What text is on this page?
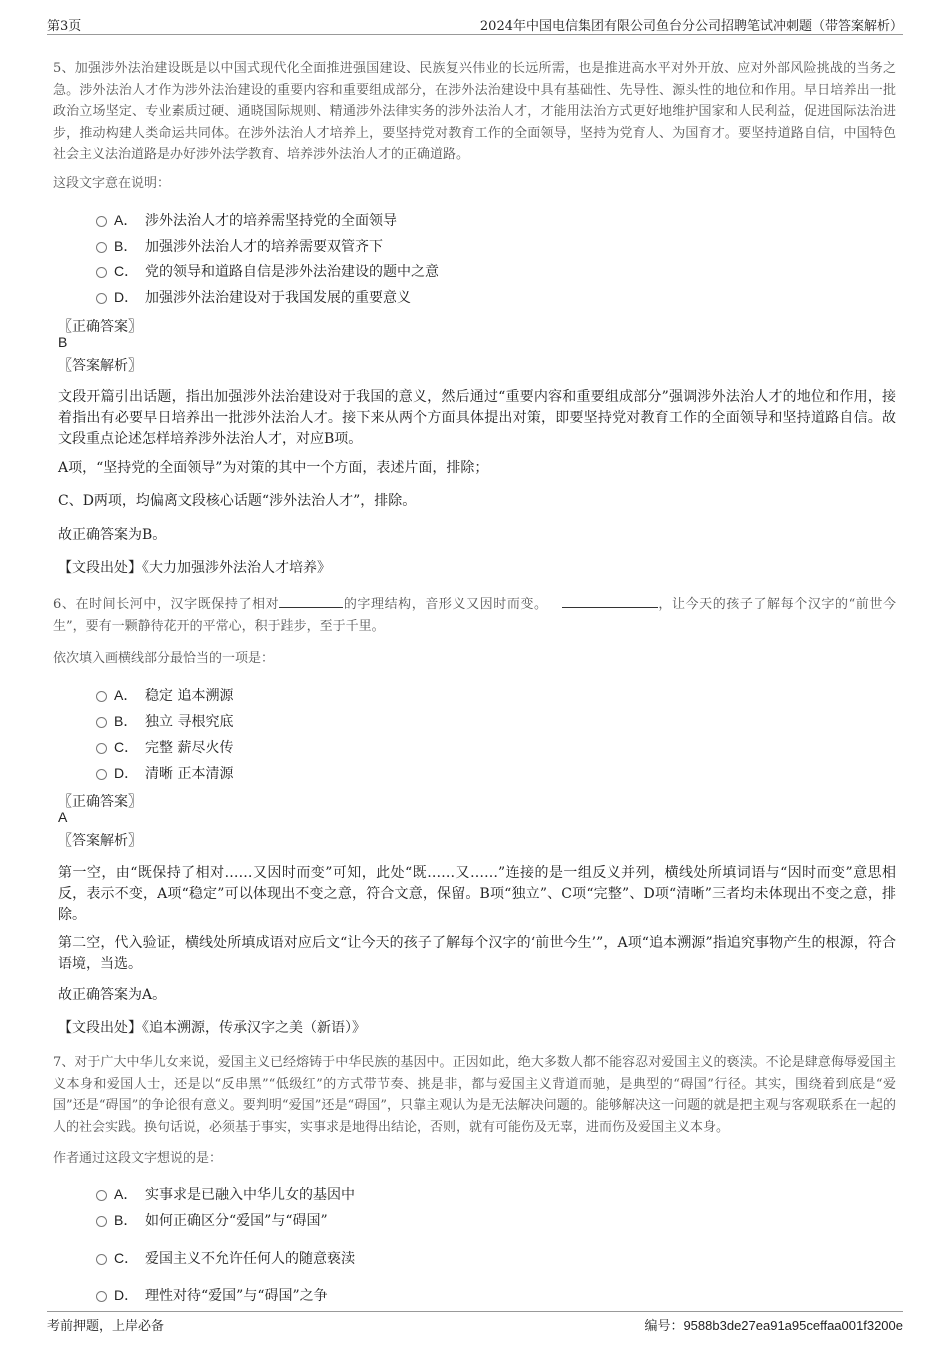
第3页	2024年中国电信集团有限公司鱼台分公司招聘笔试冲刺题（带答案解析）
5、加强涉外法治建设既是以中国式现代化全面推进强国建设、民族复兴伟业的长远所需，也是推进高水平对外开放、应对外部风险挑战的当务之急。涉外法治人才作为涉外法治建设的重要内容和重要组成部分，在涉外法治建设中具有基础性、先导性、源头性的地位和作用。早日培养出一批政治立场坚定、专业素质过硬、通晓国际规则、精通涉外法律实务的涉外法治人才，才能用法治方式更好地维护国家和人民利益，促进国际法治进步，推动构建人类命运共同体。在涉外法治人才培养上，要坚持党对教育工作的全面领导，坚持为党育人、为国育才。要坚持道路自信，中国特色社会主义法治道路是办好涉外法学教育、培养涉外法治人才的正确道路。
这段文字意在说明：
A． 涉外法治人才的培养需坚持党的全面领导
B． 加强涉外法治人才的培养需要双管齐下
C． 党的领导和道路自信是涉外法治建设的题中之意
D． 加强涉外法治建设对于我国发展的重要意义
〖正确答案〗
B
〖答案解析〗
文段开篇引出话题，指出加强涉外法治建设对于我国的意义，然后通过“重要内容和重要组成部分”强调涉外法治人才的地位和作用，接着指出有必要早日培养出一批涉外法治人才。接下来从两个方面具体提出对策，即要坚持党对教育工作的全面领导和坚持道路自信。故文段重点论述怎样培养涉外法治人才，对应B项。
A项，“坚持党的全面领导”为对策的其中一个方面，表述片面，排除；
C、D两项，均偏离文段核心话题“涉外法治人才”，排除。
故正确答案为B。
【文段出处】《大力加强涉外法治人才培养》
6、在时间长河中，汉字既保持了相对	的字理结构，音形义又因时而变。	，让今天的孩子了解每个汉字的“前世今生”，要有一颗静待花开的平常心，积于跬步，至于千里。
依次填入画横线部分最恰当的一项是：
A． 稳定 追本溯源
B． 独立 寻根究底
C． 完整 薪尽火传
D． 清晰 正本清源
〖正确答案〗
A
〖答案解析〗
第一空，由“既保持了相对……又因时而变”可知，此处“既……又……”连接的是一组反义并列，横线处所填词语与“因时而变”意思相反，表示不变，A项“稳定”可以体现出不变之意，符合文意，保留。B项“独立”、C项“完整”、D项“清晰”三者均未体现出不变之意，排除。
第二空，代入验证，横线处所填成语对应后文“让今天的孩子了解每个汉字的‘前世今生’”，A项“追本溯源”指追究事物产生的根源，符合语境，当选。
故正确答案为A。
【文段出处】《追本溯源，传承汉字之美（新语）》
7、对于广大中华儿女来说，爱国主义已经熔铸于中华民族的基因中。正因如此，绝大多数人都不能容忍对爱国主义的亵渎。不论是肆意侮辱爱国主义本身和爱国人士，还是以“反串黑”“低级红”的方式带节奏、挑是非，都与爱国主义背道而驰，是典型的“碍国”行径。其实，围绕着到底是“爱国”还是“碍国”的争论很有意义。要判明“爱国”还是“碍国”，只靠主观认为是无法解决问题的。能够解决这一问题的就是把主观与客观联系在一起的人的社会实践。换句话说，必须基于事实，实事求是地得出结论，否则，就有可能伤及无辜，进而伤及爱国主义本身。
作者通过这段文字想说的是：
A． 实事求是已融入中华儿女的基因中
B． 如何正确区分“爱国”与“碍国”
C． 爱国主义不允许任何人的随意亵渎
D． 理性对待“爱国”与“碍国”之争
考前押题，上岸必备	编号：9588b3de27ea91a95ceffaa001f3200e
